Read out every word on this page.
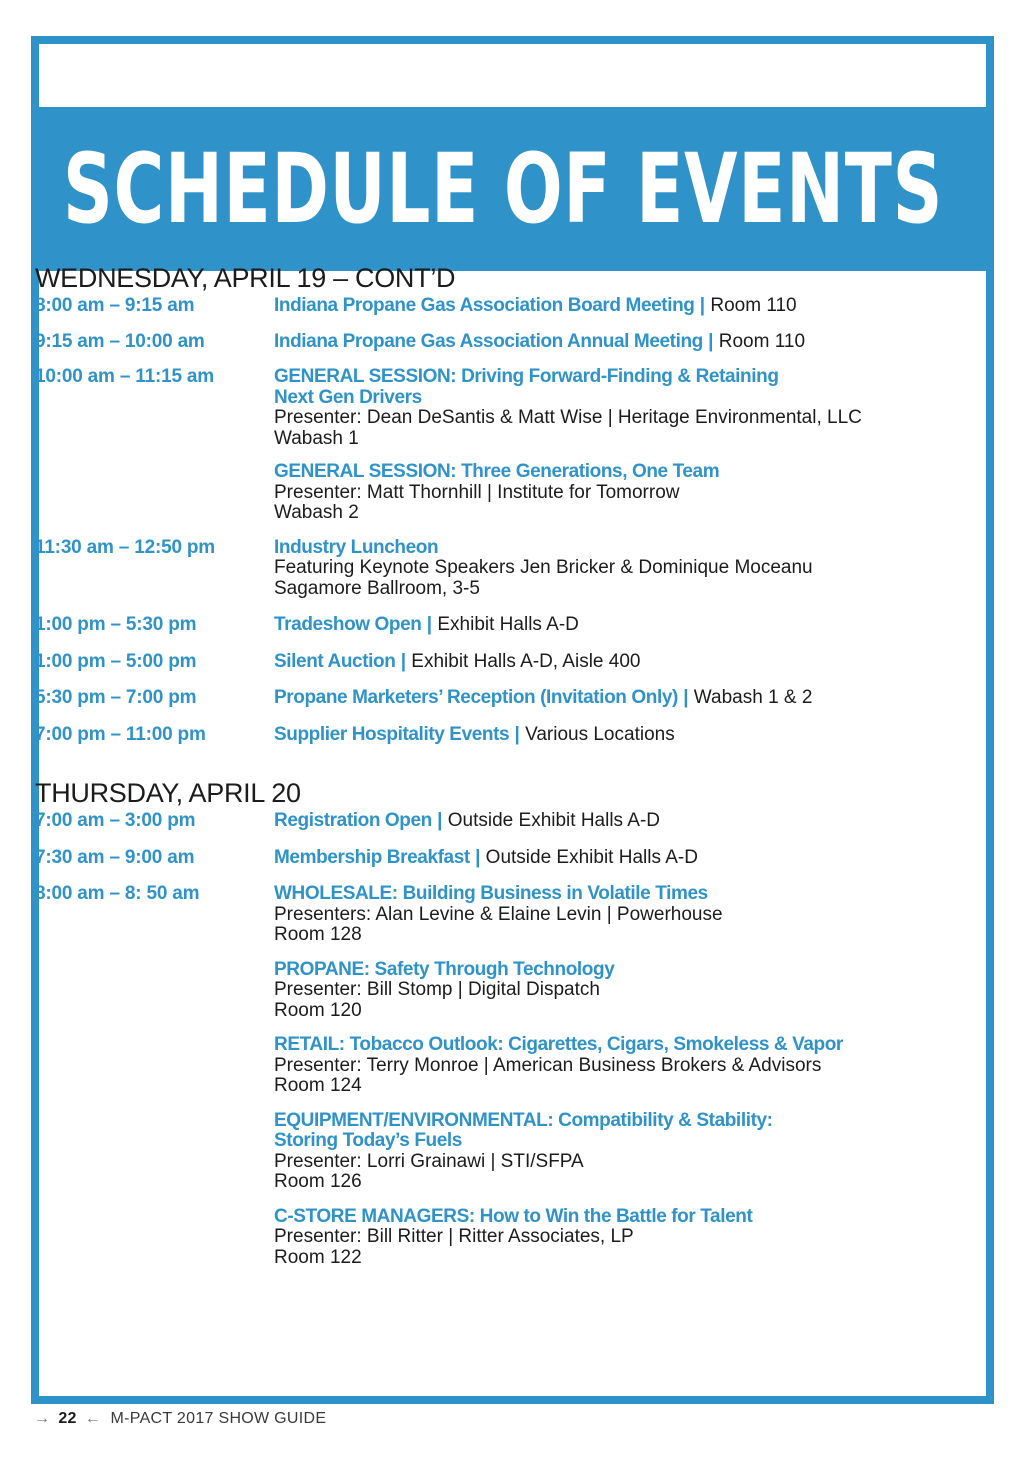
SCHEDULE OF EVENTS
WEDNESDAY, APRIL 19 – CONT’D
8:00 am – 9:15 am	Indiana Propane Gas Association Board Meeting | Room 110
9:15 am – 10:00 am	Indiana Propane Gas Association Annual Meeting | Room 110
10:00 am – 11:15 am	GENERAL SESSION: Driving Forward-Finding & Retaining
Next Gen Drivers
Presenter: Dean DeSantis & Matt Wise | Heritage Environmental, LLC
Wabash 1
GENERAL SESSION: Three Generations, One Team
Presenter: Matt Thornhill | Institute for Tomorrow
Wabash 2
11:30 am – 12:50 pm	Industry Luncheon
Featuring Keynote Speakers Jen Bricker & Dominique Moceanu
Sagamore Ballroom, 3-5
1:00 pm – 5:30 pm	Tradeshow Open | Exhibit Halls A-D
1:00 pm – 5:00 pm	Silent Auction | Exhibit Halls A-D, Aisle 400
5:30 pm – 7:00 pm	Propane Marketers’ Reception (Invitation Only) | Wabash 1 & 2
7:00 pm – 11:00 pm	Supplier Hospitality Events | Various Locations
THURSDAY, APRIL 20
7:00 am – 3:00 pm	Registration Open | Outside Exhibit Halls A-D
7:30 am – 9:00 am	Membership Breakfast | Outside Exhibit Halls A-D
8:00 am – 8: 50 am	WHOLESALE: Building Business in Volatile Times
Presenters: Alan Levine & Elaine Levin | Powerhouse
Room 128
PROPANE: Safety Through Technology
Presenter: Bill Stomp | Digital Dispatch
Room 120
RETAIL: Tobacco Outlook: Cigarettes, Cigars, Smokeless & Vapor
Presenter: Terry Monroe | American Business Brokers & Advisors
Room 124
EQUIPMENT/ENVIRONMENTAL: Compatibility & Stability:
Storing Today’s Fuels
Presenter: Lorri Grainawi | STI/SFPA
Room 126
C-STORE MANAGERS: How to Win the Battle for Talent
Presenter: Bill Ritter | Ritter Associates, LP
Room 122
→ 22 ← M-PACT 2017 SHOW GUIDE
